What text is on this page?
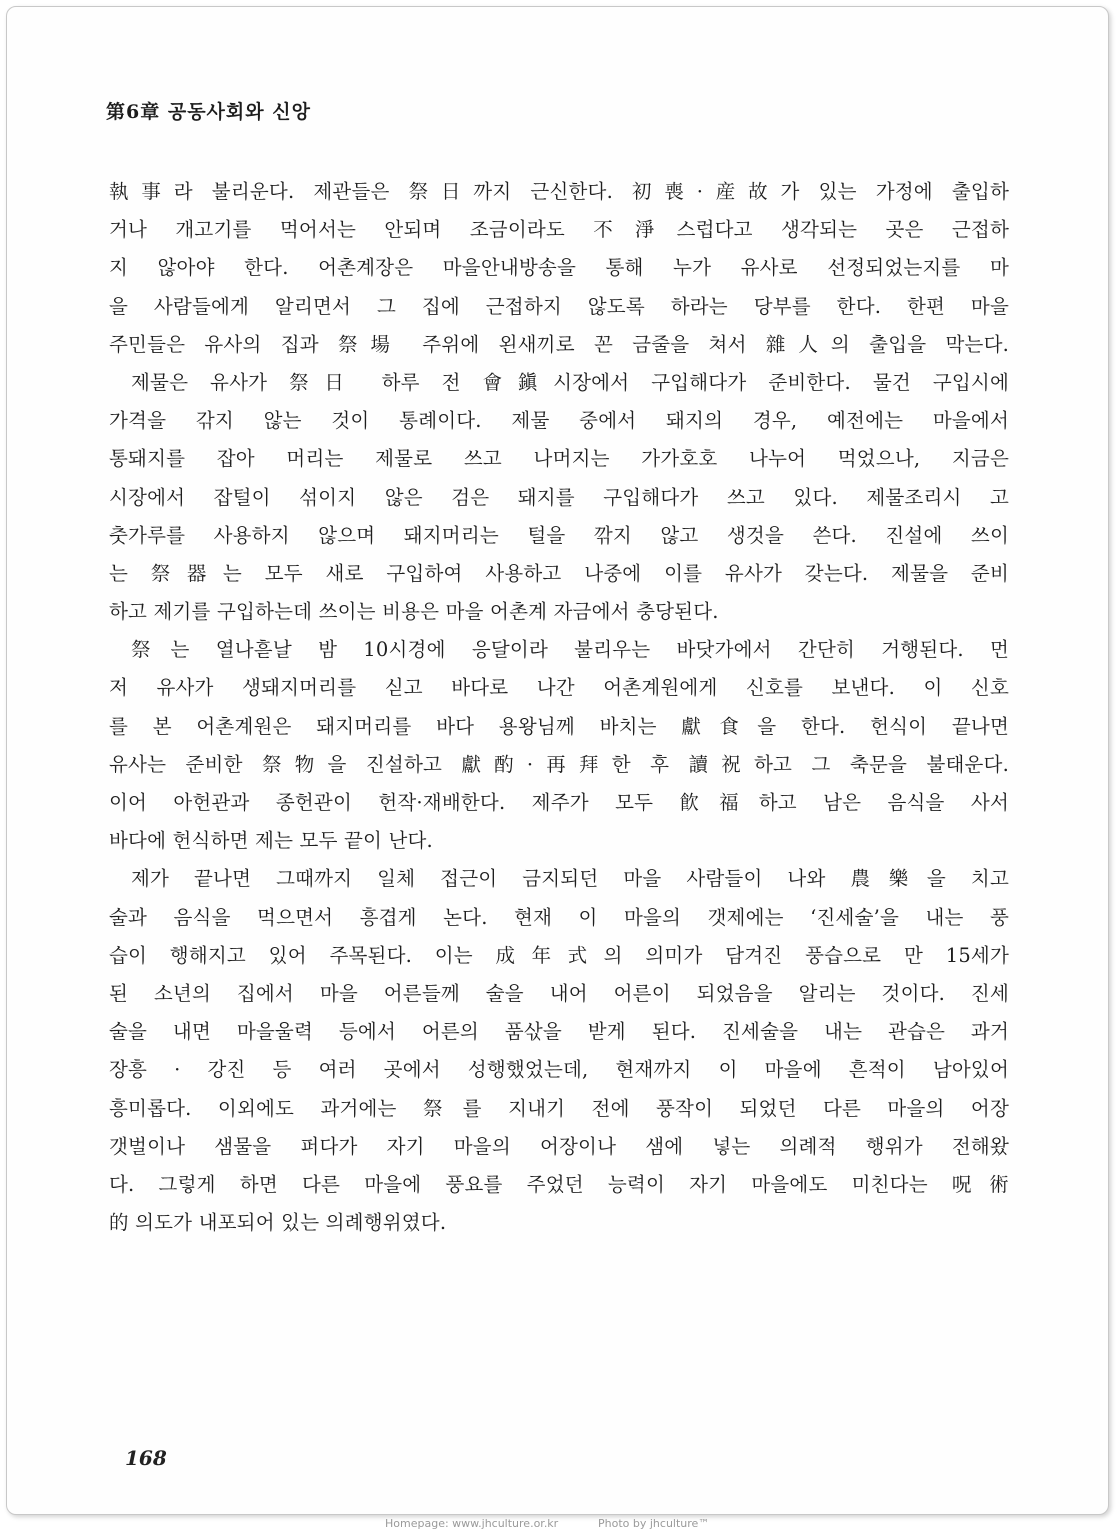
第6章 공동사회와 신앙
執事라 불리운다. 제관들은 祭日까지 근신한다. 初喪·産故가 있는 가정에 출입하
거나 개고기를 먹어서는 안되며 조금이라도 不淨스럽다고 생각되는 곳은 근접하
지 않아야 한다. 어촌계장은 마을안내방송을 통해 누가 유사로 선정되었는지를 마
을 사람들에게 알리면서 그 집에 근접하지 않도록 하라는 당부를 한다. 한편 마을
주민들은 유사의 집과 祭場 주위에 왼새끼로 꼰 금줄을 쳐서 雜人의 출입을 막는다.
제물은 유사가 祭日 하루 전 會鎭시장에서 구입해다가 준비한다. 물건 구입시에
가격을 갂지 않는 것이 통례이다. 제물 중에서 돼지의 경우, 예전에는 마을에서
통돼지를 잡아 머리는 제물로 쓰고 나머지는 가가호호 나누어 먹었으나, 지금은
시장에서 잡털이 섞이지 않은 검은 돼지를 구입해다가 쓰고 있다. 제물조리시 고
춧가루를 사용하지 않으며 돼지머리는 털을 깎지 않고 생것을 쓴다. 진설에 쓰이
는 祭器는 모두 새로 구입하여 사용하고 나중에 이를 유사가 갖는다. 제물을 준비
하고 제기를 구입하는데 쓰이는 비용은 마을 어촌계 자금에서 충당된다.
祭는 열나흗날 밤 10시경에 응달이라 불리우는 바닷가에서 간단히 거행된다. 먼
저 유사가 생돼지머리를 싣고 바다로 나간 어촌계원에게 신호를 보낸다. 이 신호
를 본 어촌계원은 돼지머리를 바다 용왕님께 바치는 獻食을 한다. 헌식이 끝나면
유사는 준비한 祭物을 진설하고 獻酌·再拜한 후 讀祝하고 그 축문을 불태운다.
이어 아헌관과 종헌관이 헌작·재배한다. 제주가 모두 飮福하고 남은 음식을 사서
바다에 헌식하면 제는 모두 끝이 난다.
제가 끝나면 그때까지 일체 접근이 금지되던 마을 사람들이 나와 農樂을 치고
술과 음식을 먹으면서 흥겹게 논다. 현재 이 마을의 갯제에는 ‘진세술’을 내는 풍
습이 행해지고 있어 주목된다. 이는 成年式의 의미가 담겨진 풍습으로 만 15세가
된 소년의 집에서 마을 어른들께 술을 내어 어른이 되었음을 알리는 것이다. 진세
술을 내면 마을울력 등에서 어른의 품삯을 받게 된다. 진세술을 내는 관습은 과거
장흥 · 강진 등 여러 곳에서 성행했었는데, 현재까지 이 마을에 흔적이 남아있어
흥미롭다. 이외에도 과거에는 祭를 지내기 전에 풍작이 되었던 다른 마을의 어장
갯벌이나 샘물을 퍼다가 자기 마을의 어장이나 샘에 넣는 의례적 행위가 전해왔
다. 그렇게 하면 다른 마을에 풍요를 주었던 능력이 자기 마을에도 미친다는 呪術
的 의도가 내포되어 있는 의례행위였다.
168
Homepage: www.jhculture.or.kr	Photo by jhculture™
